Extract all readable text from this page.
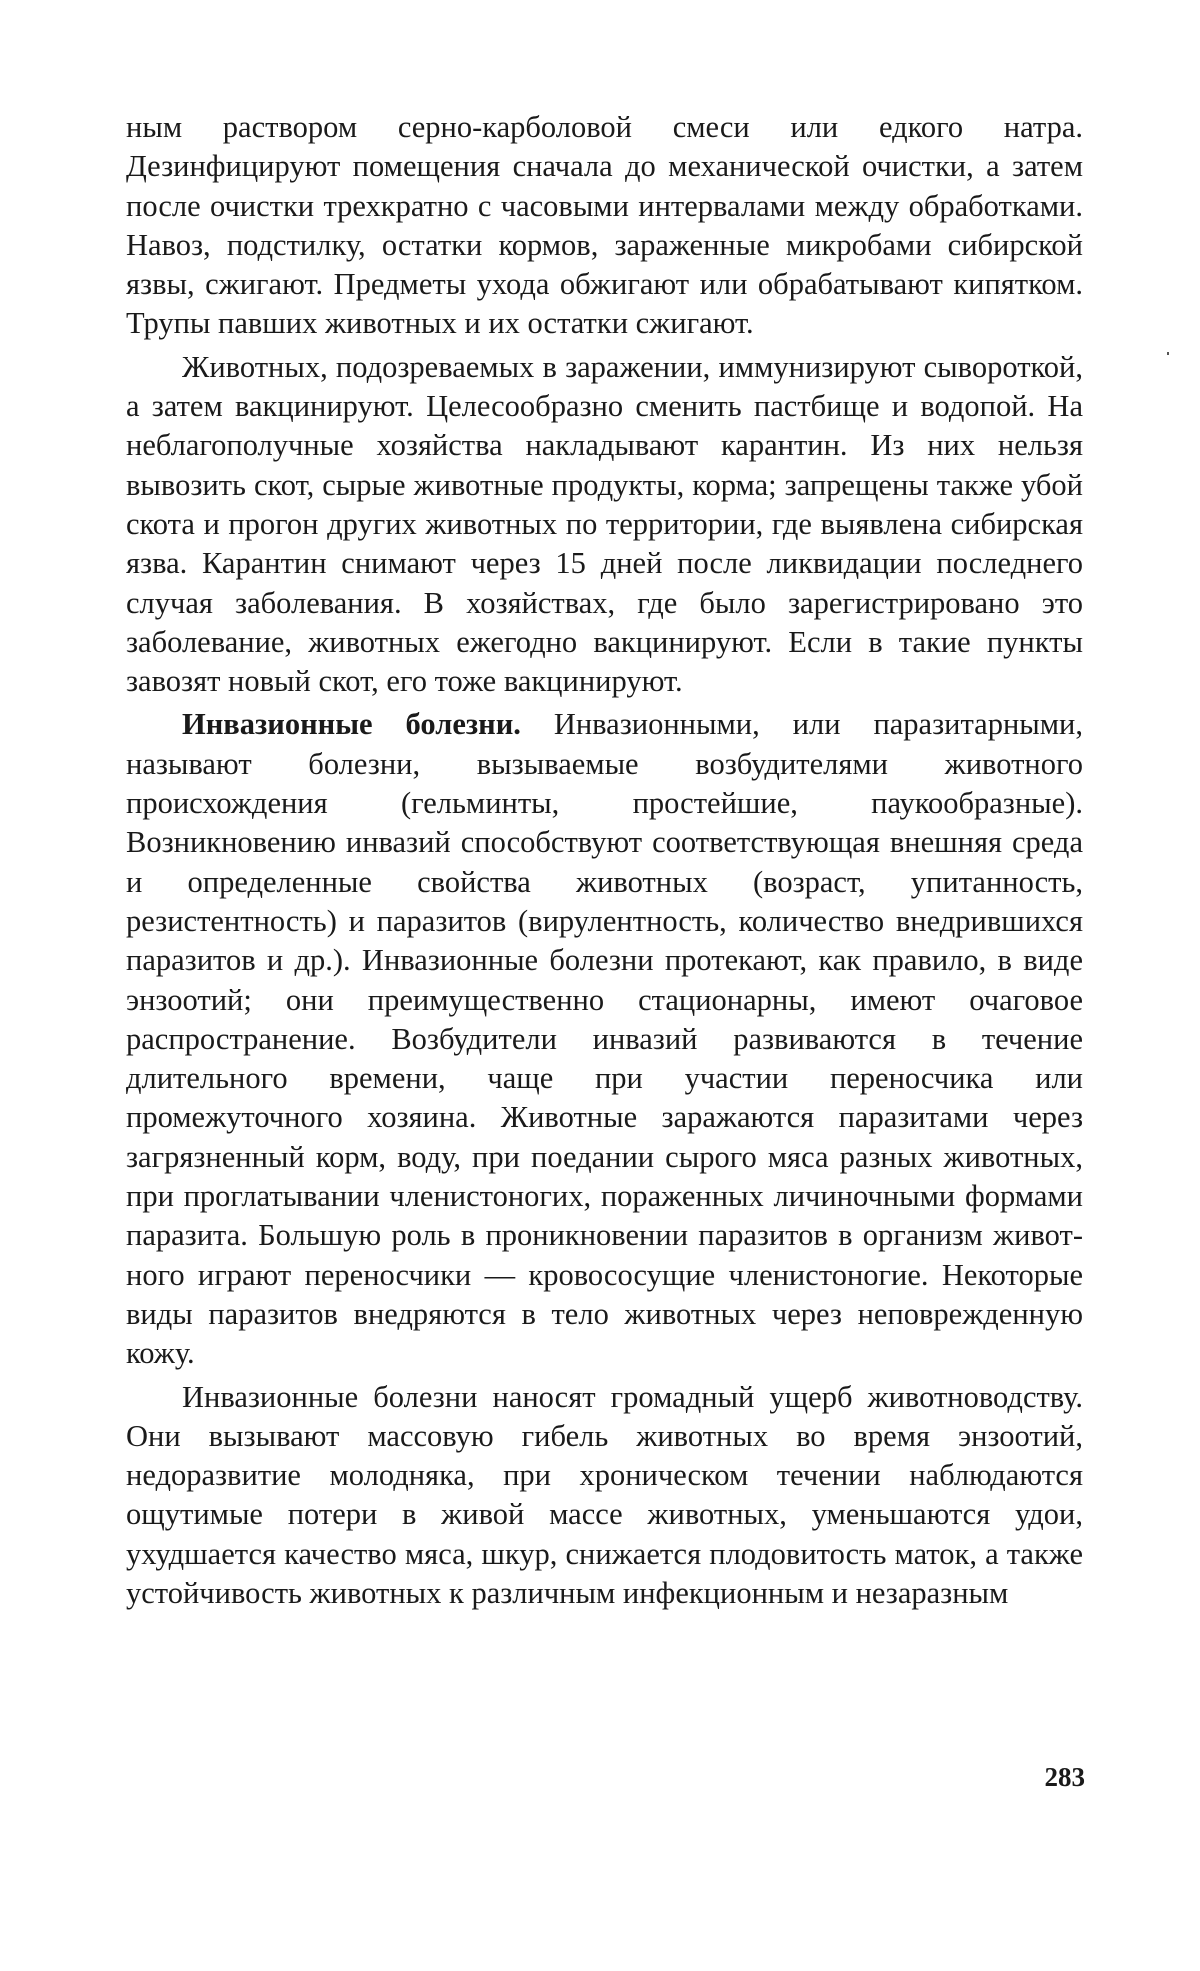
ным раствором серно-карболовой смеси или едкого натра. Дезинфицируют помещения сначала до механической очистки, а затем после очистки трехкратно с часовыми интервалами между обработками. Навоз, подстилку, остатки кормов, зараженные микробами сибирской язвы, сжигают. Предметы ухода обжигают или обрабатывают кипятком. Трупы павших животных и их остатки сжигают.

Животных, подозреваемых в заражении, иммунизируют сывороткой, а затем вакцинируют. Целесообразно сменить пастбище и водопой. На неблагополучные хозяйства накладывают карантин. Из них нельзя вывозить скот, сырые животные продукты, корма; запрещены также убой скота и прогон других животных по территории, где выявлена сибирская язва. Карантин снимают через 15 дней после ликвидации последнего случая заболевания. В хозяйствах, где было зарегистрировано это заболевание, животных ежегодно вакцинируют. Если в такие пункты завозят новый скот, его тоже вакцинируют.

Инвазионные болезни. Инвазионными, или паразитарными, называют болезни, вызываемые возбудителями животного происхождения (гельминты, простейшие, паукообразные). Возникновению инвазий способствуют соответствующая внешняя среда и определенные свойства животных (возраст, упитанность, резистентность) и паразитов (вирулентность, количество внедрившихся паразитов и др.). Инвазионные болезни протекают, как правило, в виде энзоотий; они преимущественно стационарны, имеют очаговое распространение. Возбудители инвазий развиваются в течение длительного времени, чаще при участии переносчика или промежуточного хозяина. Животные заражаются паразитами через загрязненный корм, воду, при поедании сырого мяса разных животных, при проглатывании членистоногих, пораженных личиночными формами паразита. Большую роль в проникновении паразитов в организм животного играют переносчики — кровососущие членистоногие. Некоторые виды паразитов внедряются в тело животных через неповрежденную кожу.

Инвазионные болезни наносят громадный ущерб животноводству. Они вызывают массовую гибель животных во время энзоотий, недоразвитие молодняка, при хроническом течении наблюдаются ощутимые потери в живой массе животных, уменьшаются удои, ухудшается качество мяса, шкур, снижается плодовитость маток, а также устойчивость животных к различным инфекционным и незаразным

283
